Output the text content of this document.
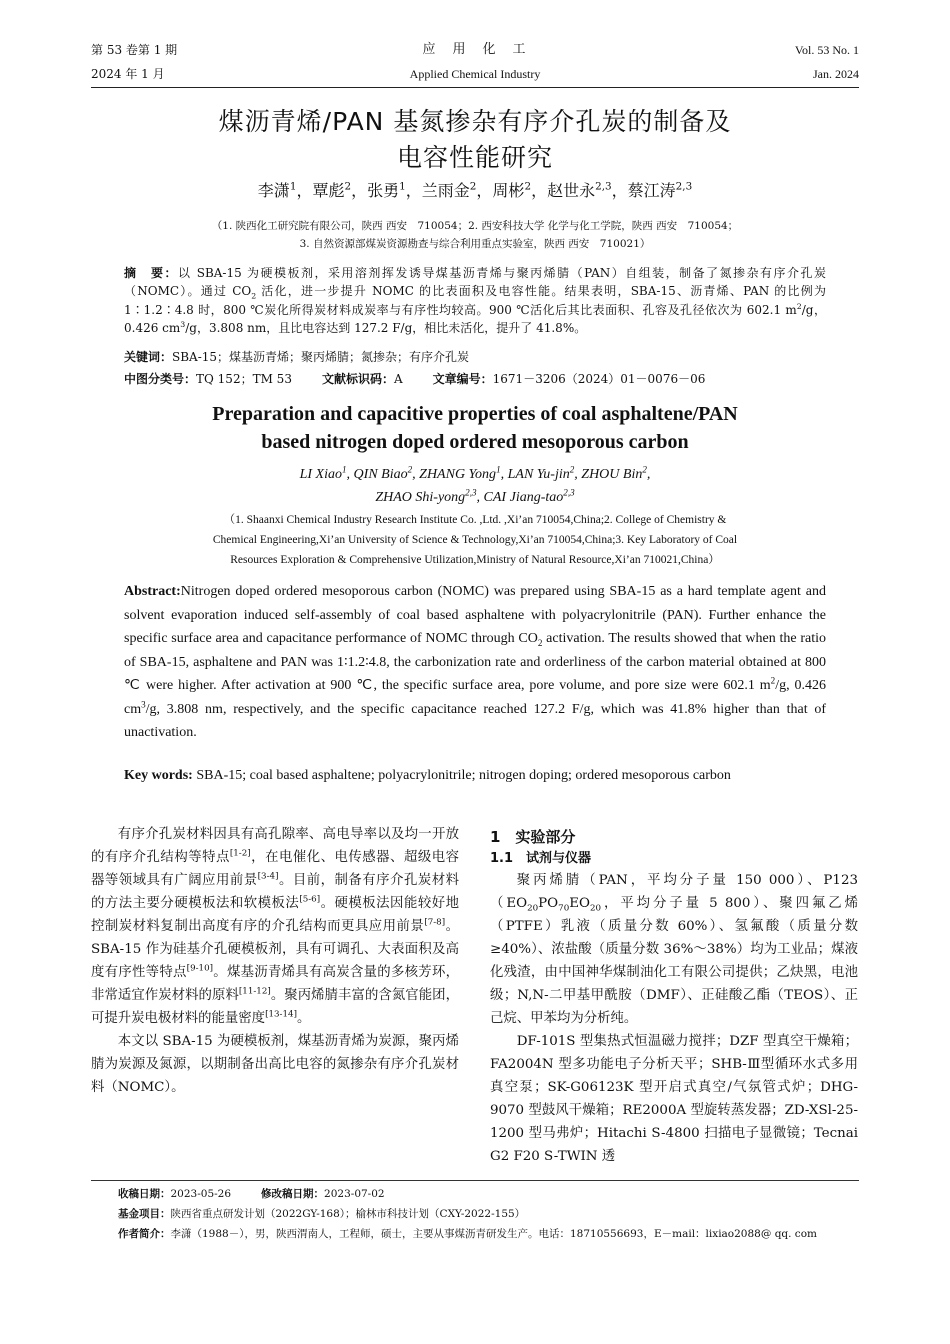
第 53 卷第 1 期
2024 年 1 月
应　用　化　工
Applied Chemical Industry
Vol. 53 No. 1
Jan. 2024
煤沥青烯/PAN 基氮掺杂有序介孔炭的制备及
电容性能研究
李潇$^1$，覃彪$^2$，张勇$^1$，兰雨金$^2$，周彬$^2$，赵世永$^{2,3}$，蔡江涛$^{2,3}$
（1. 陕西化工研究院有限公司，陕西 西安　710054；2. 西安科技大学 化学与化工学院，陕西 西安　710054；
3. 自然资源部煤炭资源勘查与综合利用重点实验室，陕西 西安　710021）
摘　要：以 SBA-15 为硬模板剂，采用溶剂挥发诱导煤基沥青烯与聚丙烯腈（PAN）自组装，制备了氮掺杂有序介孔炭（NOMC）。通过 $CO_2$ 活化，进一步提升 NOMC 的比表面积及电容性能。结果表明，SBA-15、沥青烯、PAN 的比例为 1∶1.2∶4.8 时，800 ℃炭化所得炭材料成炭率与有序性均较高。900 ℃活化后其比表面积、孔容及孔径依次为 602.1 $m^2/g$，0.426 $cm^3/g$，3.808 nm，且比电容达到 127.2 F/g，相比未活化，提升了 41.8%。
关键词：SBA-15；煤基沥青烯；聚丙烯腈；氮掺杂；有序介孔炭
中图分类号：TQ 152；TM 53	文献标识码：A	文章编号：1671－3206（2024）01－0076－06
Preparation and capacitive properties of coal asphaltene/PAN
based nitrogen doped ordered mesoporous carbon
LI Xiao$^1$, QIN Biao$^2$, ZHANG Yong$^1$, LAN Yu-jin$^2$, ZHOU Bin$^2$,
ZHAO Shi-yong$^{2,3}$, CAI Jiang-tao$^{2,3}$
（1. Shaanxi Chemical Industry Research Institute Co. ,Ltd. ,Xi’an 710054,China;2. College of Chemistry &
Chemical Engineering,Xi’an University of Science & Technology,Xi’an 710054,China;3. Key Laboratory of Coal
Resources Exploration & Comprehensive Utilization,Ministry of Natural Resource,Xi’an 710021,China）
Abstract:Nitrogen doped ordered mesoporous carbon (NOMC) was prepared using SBA-15 as a hard template agent and solvent evaporation induced self-assembly of coal based asphaltene with polyacrylonitrile (PAN). Further enhance the specific surface area and capacitance performance of NOMC through $CO_2$ activation. The results showed that when the ratio of SBA-15, asphaltene and PAN was 1∶1.2∶4.8, the carbonization rate and orderliness of the carbon material obtained at 800 ℃ were higher. After activation at 900 ℃, the specific surface area, pore volume, and pore size were 602.1 $m^2/g$, 0.426 $cm^3/g$, 3.808 nm, respectively, and the specific capacitance reached 127.2 F/g, which was 41.8% higher than that of unactivation.
Key words: SBA-15; coal based asphaltene; polyacrylonitrile; nitrogen doping; ordered mesoporous carbon

有序介孔炭材料因具有高孔隙率、高电导率以及均一开放的有序介孔结构等特点[1-2]，在电催化、电传感器、超级电容器等领域具有广阔应用前景[3-4]。目前，制备有序介孔炭材料的方法主要分硬模板法和软模板法[5-6]。硬模板法因能较好地控制炭材料复制出高度有序的介孔结构而更具应用前景[7-8]。SBA-15 作为硅基介孔硬模板剂，具有可调孔、大表面积及高度有序性等特点[9-10]。煤基沥青烯具有高炭含量的多核芳环，非常适宜作炭材料的原料[11-12]。聚丙烯腈丰富的含氮官能团，可提升炭电极材料的能量密度[13-14]。

本文以 SBA-15 为硬模板剂，煤基沥青烯为炭源，聚丙烯腈为炭源及氮源，以期制备出高比电容的氮掺杂有序介孔炭材料（NOMC）。

1　实验部分
1.1　试剂与仪器

聚丙烯腈（PAN，平均分子量 150 000）、$P123(EO_{20}PO_{70}EO_{20}$，平均分子量 5 800）、聚四氟乙烯（PTFE）乳液（质量分数 60%）、氢氟酸（质量分数≥40%）、浓盐酸（质量分数 36%～38%）均为工业品；煤液化残渣，由中国神华煤制油化工有限公司提供；乙炔黑，电池级；N,N-二甲基甲酰胺（DMF）、正硅酸乙酯（TEOS）、正己烷、甲苯均为分析纯。

DF-101S 型集热式恒温磁力搅拌；DZF 型真空干燥箱；FA2004N 型多功能电子分析天平；SHB-Ⅲ型循环水式多用真空泵；SK-G06123K 型开启式真空/气氛管式炉；DHG-9070 型鼓风干燥箱；RE2000A 型旋转蒸发器；ZD-XSl-25-1200 型马弗炉；Hitachi S-4800 扫描电子显微镜；Tecnai G2 F20 S-TWIN 透

收稿日期：2023-05-26	修改稿日期：2023-07-02
基金项目：陕西省重点研发计划（2022GY-168）；榆林市科技计划（CXY-2022-155）
作者简介：李潇（1988－），男，陕西渭南人，工程师，硕士，主要从事煤沥青研发生产。电话：18710556693，E－mail：lixiao2088@ qq. com
